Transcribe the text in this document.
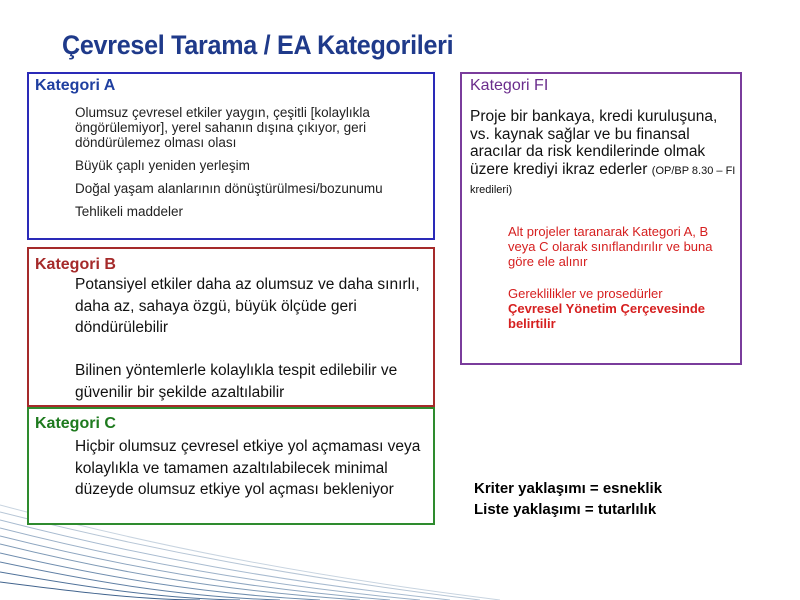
Çevresel Tarama / EA Kategorileri
Kategori A
Olumsuz çevresel etkiler yaygın, çeşitli [kolaylıkla öngörülemiyor], yerel sahanın dışına çıkıyor, geri döndürülemez olması olası
Büyük çaplı yeniden yerleşim
Doğal yaşam alanlarının dönüştürülmesi/bozunumu
Tehlikeli maddeler
Kategori B
Potansiyel etkiler daha az olumsuz ve daha sınırlı, daha az, sahaya özgü, büyük ölçüde geri döndürülebilir
Bilinen yöntemlerle kolaylıkla tespit edilebilir ve güvenilir bir şekilde azaltılabilir
Kategori C
Hiçbir olumsuz çevresel etkiye yol açmaması veya kolaylıkla ve tamamen azaltılabilecek minimal düzeyde olumsuz etkiye yol açması bekleniyor
Kategori FI
Proje bir bankaya, kredi kuruluşuna, vs. kaynak sağlar ve bu finansal aracılar da risk kendilerinde olmak üzere krediyi ikraz ederler (OP/BP 8.30 – FI kredileri)
Alt projeler taranarak Kategori A, B veya C olarak sınıflandırılır ve buna göre ele alınır
Gereklilikler ve prosedürler
Çevresel Yönetim Çerçevesinde belirtilir
Kriter yaklaşımı = esneklik
Liste yaklaşımı = tutarlılık
